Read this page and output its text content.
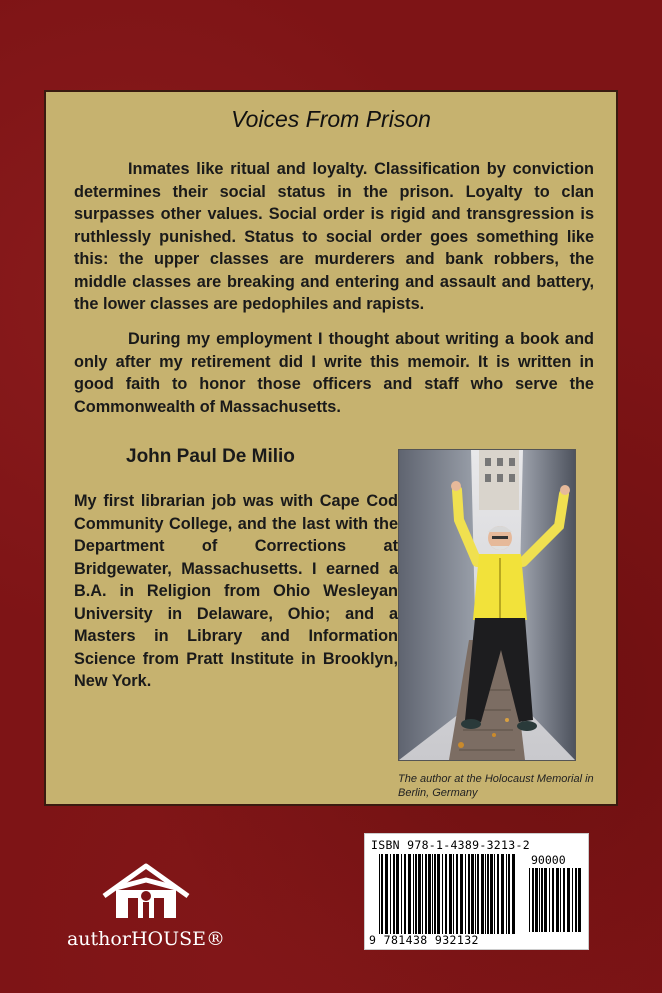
Voices From Prison

Inmates like ritual and loyalty. Classification by conviction determines their social status in the prison. Loyalty to clan surpasses other values. Social order is rigid and transgression is ruthlessly punished. Status to social order goes something like this: the upper classes are murderers and bank robbers, the middle classes are breaking and entering and assault and battery, the lower classes are pedophiles and rapists.

During my employment I thought about writing a book and only after my retirement did I write this memoir. It is written in good faith to honor those officers and staff who serve the Commonwealth of Massachusetts.

John Paul De Milio

My first librarian job was with Cape Cod Community College, and the last with the Department of Corrections at Bridgewater, Massachusetts. I earned a B.A. in Religion from Ohio Wesleyan University in Delaware, Ohio; and a Masters in Library and Information Science from Pratt Institute in Brooklyn, New York.

The author at the Holocaust Memorial in Berlin, Germany
authorHOUSE®
ISBN 978-1-4389-3213-2
90000
9 781438 932132
